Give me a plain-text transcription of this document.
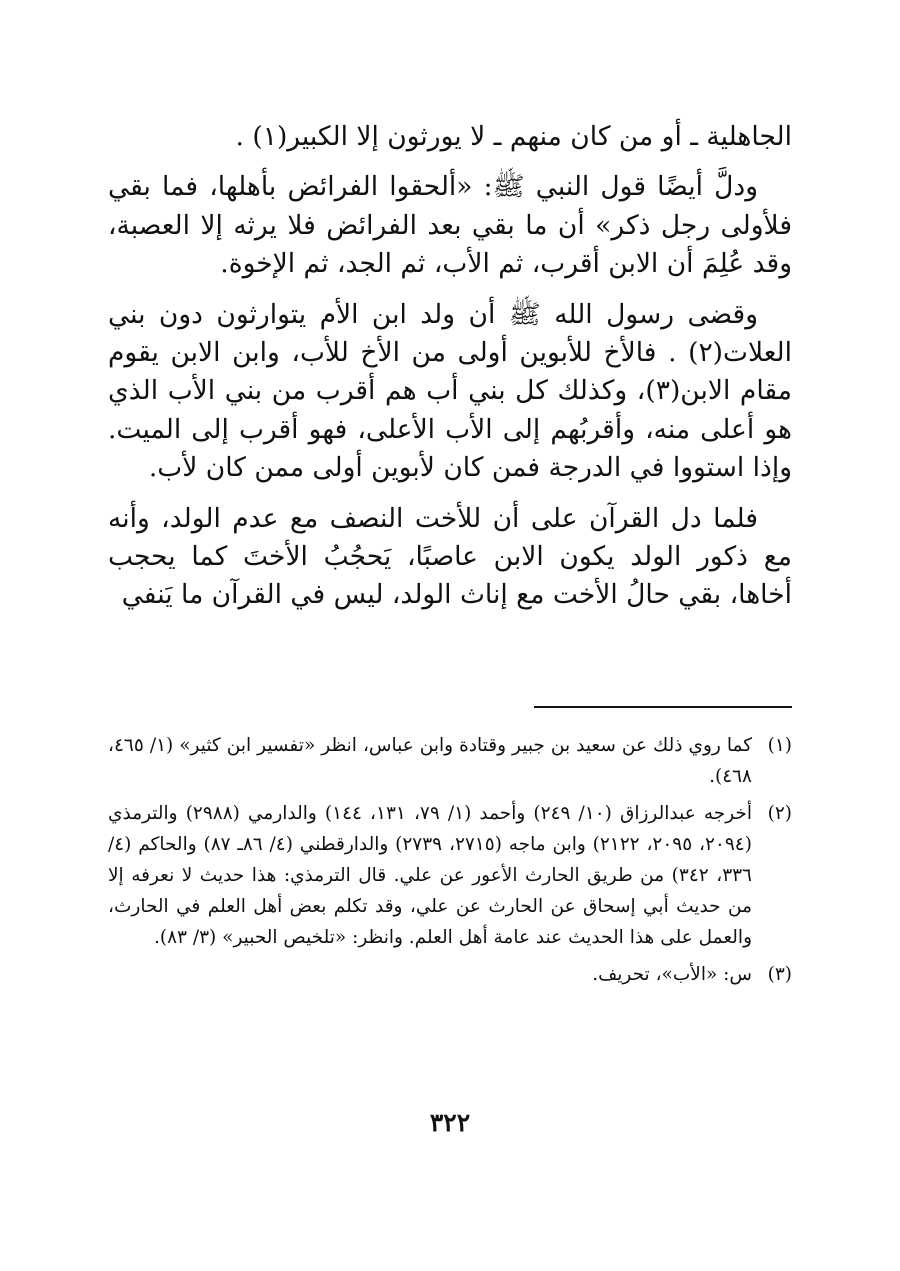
الجاهلية ـ أو من كان منهم ـ لا يورثون إلا الكبير(١) .

ودلَّ أيضًا قول النبي ﷺ: «ألحقوا الفرائض بأهلها، فما بقي فلأولى رجل ذكر» أن ما بقي بعد الفرائض فلا يرثه إلا العصبة، وقد عُلِمَ أن الابن أقرب، ثم الأب، ثم الجد، ثم الإخوة.

وقضى رسول الله ﷺ أن ولد ابن الأم يتوارثون دون بني العلات(٢) . فالأخ للأبوين أولى من الأخ للأب، وابن الابن يقوم مقام الابن(٣)، وكذلك كل بني أب هم أقرب من بني الأب الذي هو أعلى منه، وأقربُهم إلى الأب الأعلى، فهو أقرب إلى الميت. وإذا استووا في الدرجة فمن كان لأبوين أولى ممن كان لأب.

فلما دل القرآن على أن للأخت النصف مع عدم الولد، وأنه مع ذكور الولد يكون الابن عاصبًا، يَحجُبُ الأختَ كما يحجب أخاها، بقي حالُ الأخت مع إناث الولد، ليس في القرآن ما يَنفي

(١)
كما روي ذلك عن سعيد بن جبير وقتادة وابن عباس، انظر «تفسير ابن كثير» (١/ ٤٦٥، ٤٦٨).
(٢)
أخرجه عبدالرزاق (١٠/ ٢٤٩) وأحمد (١/ ٧٩، ١٣١، ١٤٤) والدارمي (٢٩٨٨) والترمذي (٢٠٩٤، ٢٠٩٥، ٢١٢٢) وابن ماجه (٢٧١٥، ٢٧٣٩) والدارقطني (٤/ ٨٦ـ ٨٧) والحاكم (٤/ ٣٣٦، ٣٤٢) من طريق الحارث الأعور عن علي. قال الترمذي: هذا حديث لا نعرفه إلا من حديث أبي إسحاق عن الحارث عن علي، وقد تكلم بعض أهل العلم في الحارث، والعمل على هذا الحديث عند عامة أهل العلم. وانظر: «تلخيص الحبير» (٣/ ٨٣).
(٣)
س: «الأب»، تحريف.
٣٢٢
